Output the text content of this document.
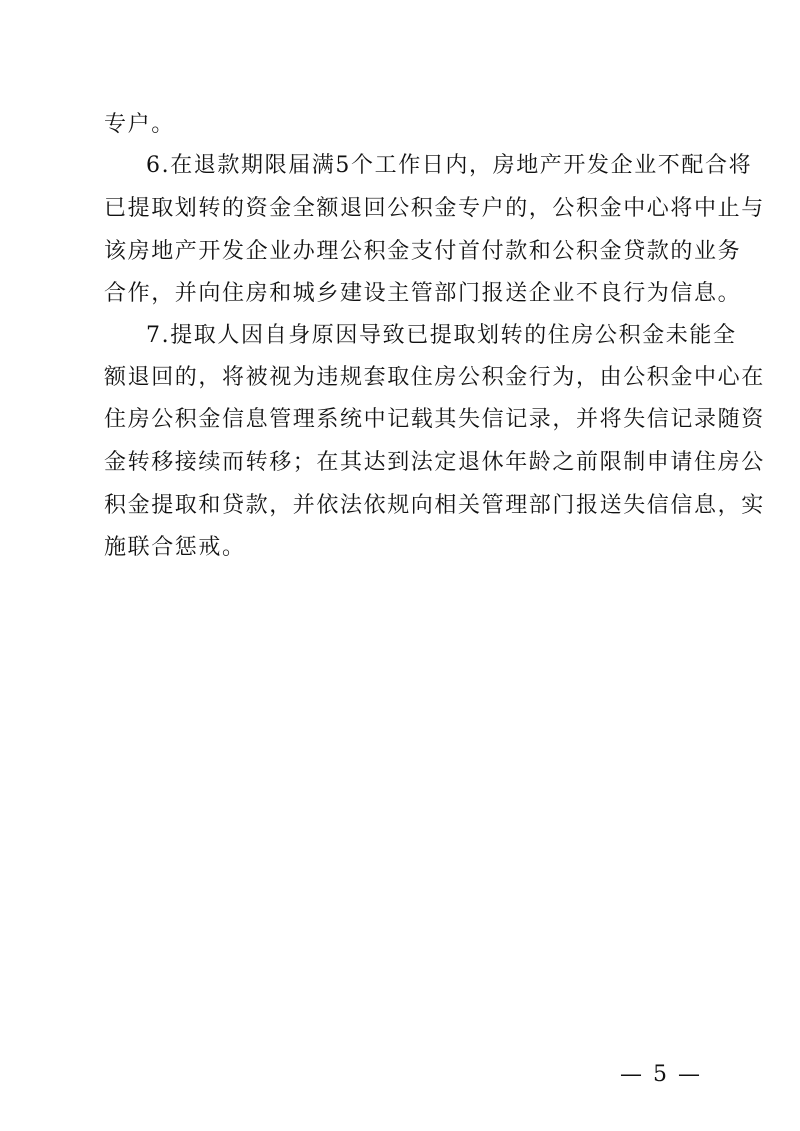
专户。
6.在退款期限届满5个工作日内，房地产开发企业不配合将
已提取划转的资金全额退回公积金专户的，公积金中心将中止与
该房地产开发企业办理公积金支付首付款和公积金贷款的业务
合作，并向住房和城乡建设主管部门报送企业不良行为信息。
7.提取人因自身原因导致已提取划转的住房公积金未能全
额退回的，将被视为违规套取住房公积金行为，由公积金中心在
住房公积金信息管理系统中记载其失信记录，并将失信记录随资
金转移接续而转移；在其达到法定退休年龄之前限制申请住房公
积金提取和贷款，并依法依规向相关管理部门报送失信信息，实
施联合惩戒。
— 5 —
